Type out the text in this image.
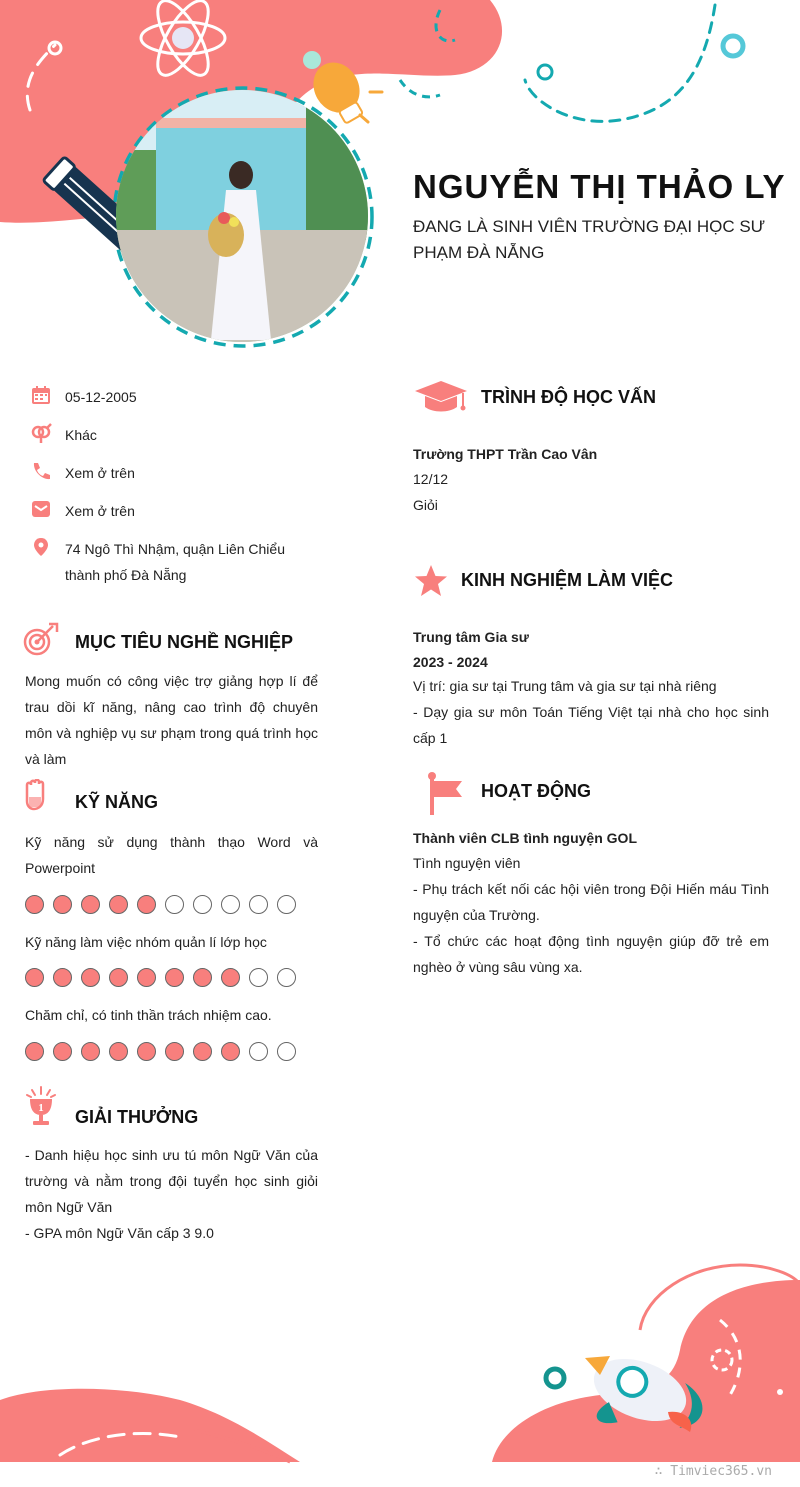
NGUYỄN THỊ THẢO LY
ĐANG LÀ SINH VIÊN TRƯỜNG ĐẠI HỌC SƯ PHẠM ĐÀ NẴNG
05-12-2005
Khác
Xem ở trên
Xem ở trên
74 Ngô Thì Nhậm, quận Liên Chiểu
thành phố Đà Nẵng
MỤC TIÊU NGHỀ NGHIỆP
Mong muốn có công việc trợ giảng hợp lí để trau dồi kĩ năng, nâng cao trình độ chuyên môn và nghiệp vụ sư phạm trong quá trình học và làm
KỸ NĂNG
Kỹ năng sử dụng thành thạo Word và Powerpoint
Kỹ năng làm việc nhóm quản lí lớp học
Chăm chỉ, có tinh thần trách nhiệm cao.
1 GIẢI THƯỞNG
- Danh hiệu học sinh ưu tú môn Ngữ Văn của trường và nằm trong đội tuyển học sinh giỏi môn Ngữ Văn
- GPA môn Ngữ Văn cấp 3 9.0
TRÌNH ĐỘ HỌC VẤN
Trường THPT Trần Cao Vân
12/12
Giỏi
KINH NGHIỆM LÀM VIỆC
Trung tâm Gia sư
2023 - 2024
Vị trí: gia sư tại Trung tâm và gia sư tại nhà riêng
- Dạy gia sư môn Toán Tiếng Việt tại nhà cho học sinh cấp 1
HOẠT ĐỘNG
Thành viên CLB tình nguyện GOL
Tình nguyện viên
- Phụ trách kết nối các hội viên trong Đội Hiến máu Tình nguyện của Trường.
- Tổ chức các hoạt động tình nguyện giúp đỡ trẻ em nghèo ở vùng sâu vùng xa.
∴ Timviec365.vn
